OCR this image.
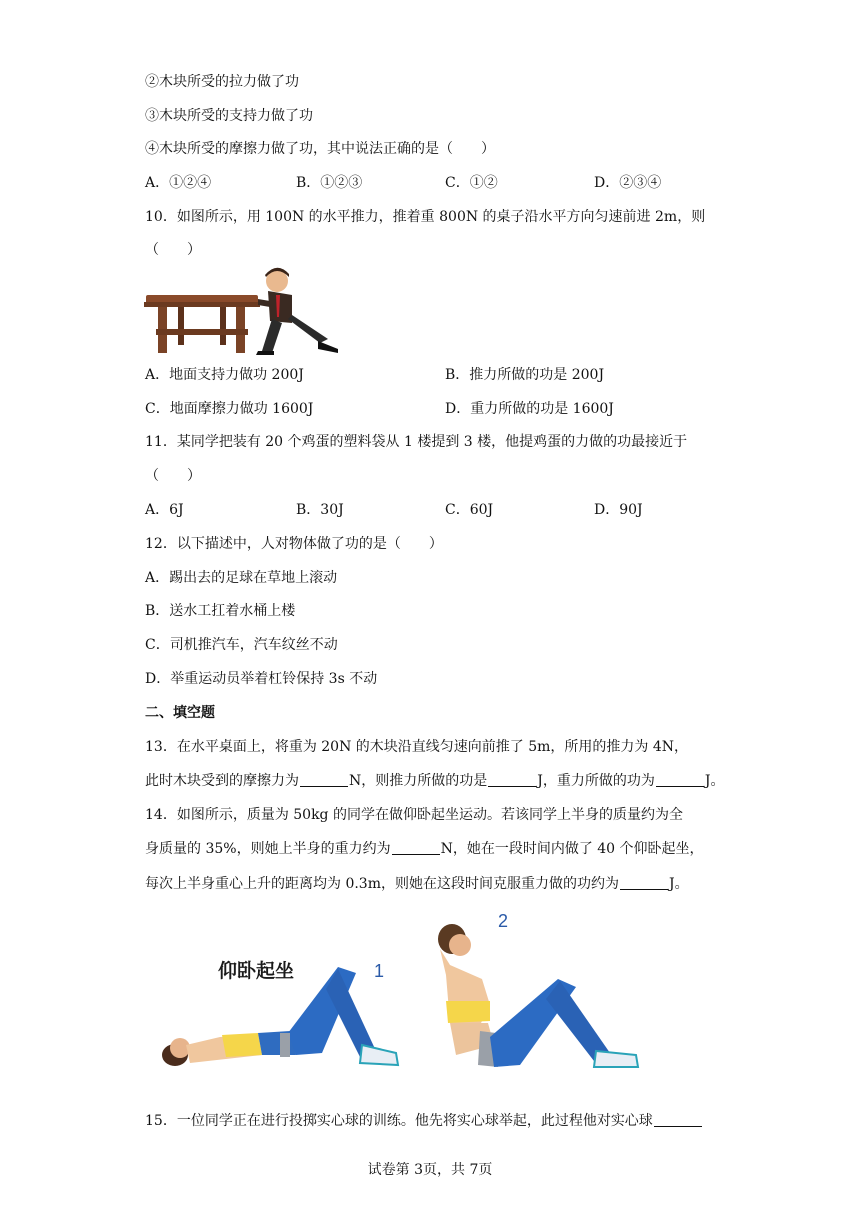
②木块所受的拉力做了功
③木块所受的支持力做了功
④木块所受的摩擦力做了功，其中说法正确的是（　　）
A．①②④	B．①②③	C．①②	D．②③④
10．如图所示，用 100N 的水平推力，推着重 800N 的桌子沿水平方向匀速前进 2m，则
（　　）
A．地面支持力做功 200J	B．推力所做的功是 200J
C．地面摩擦力做功 1600J	D．重力所做的功是 1600J
11．某同学把装有 20 个鸡蛋的塑料袋从 1 楼提到 3 楼，他提鸡蛋的力做的功最接近于
（　　）
A．6J	B．30J	C．60J	D．90J
12．以下描述中，人对物体做了功的是（　　）
A．踢出去的足球在草地上滚动
B．送水工扛着水桶上楼
C．司机推汽车，汽车纹丝不动
D．举重运动员举着杠铃保持 3s 不动
二、填空题
13．在水平桌面上，将重为 20N 的木块沿直线匀速向前推了 5m，所用的推力为 4N，
此时木块受到的摩擦力为	N，则推力所做的功是	J，重力所做的功为	J。
14．如图所示，质量为 50kg 的同学在做仰卧起坐运动。若该同学上半身的质量约为全
身质量的 35%，则她上半身的重力约为	N，她在一段时间内做了 40 个仰卧起坐，
每次上半身重心上升的距离均为 0.3m，则她在这段时间克服重力做的功约为	J。
仰卧起坐	1
2
15．一位同学正在进行投掷实心球的训练。他先将实心球举起，此过程他对实心球
试卷第 3页，共 7页
